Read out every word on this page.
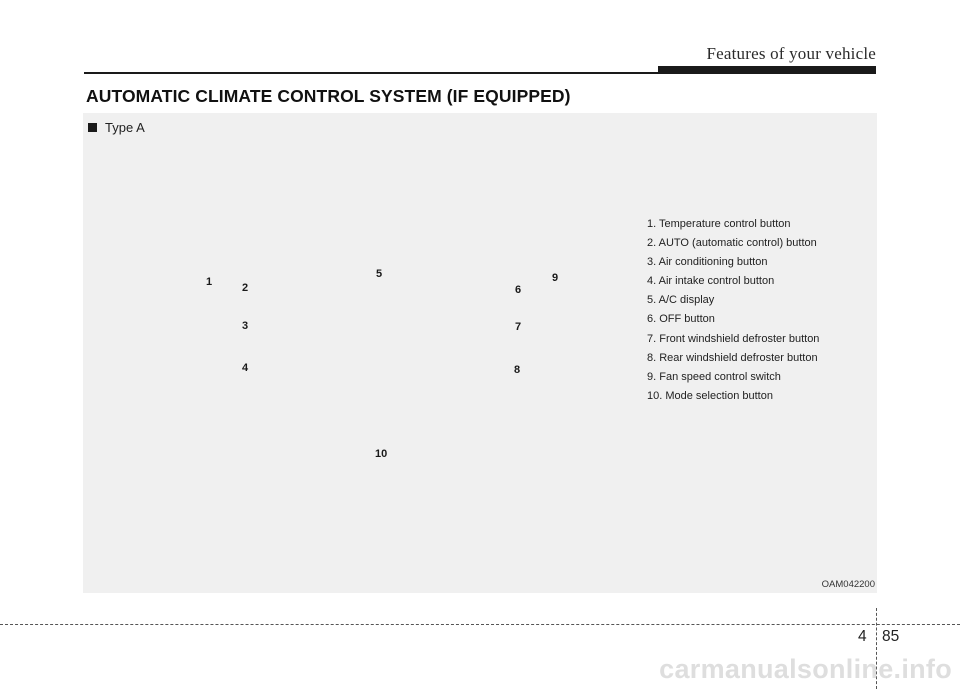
Features of your vehicle
AUTOMATIC CLIMATE CONTROL SYSTEM (IF EQUIPPED)
Type A
1	2
3
4
5
6
7
8
9
10
1. Temperature control button
2. AUTO (automatic control) button
3. Air conditioning button
4. Air intake control button
5. A/C display
6. OFF button
7. Front windshield defroster button
8. Rear windshield defroster button
9. Fan speed control switch
10. Mode selection button
OAM042200
4 85
carmanualsonline.info
